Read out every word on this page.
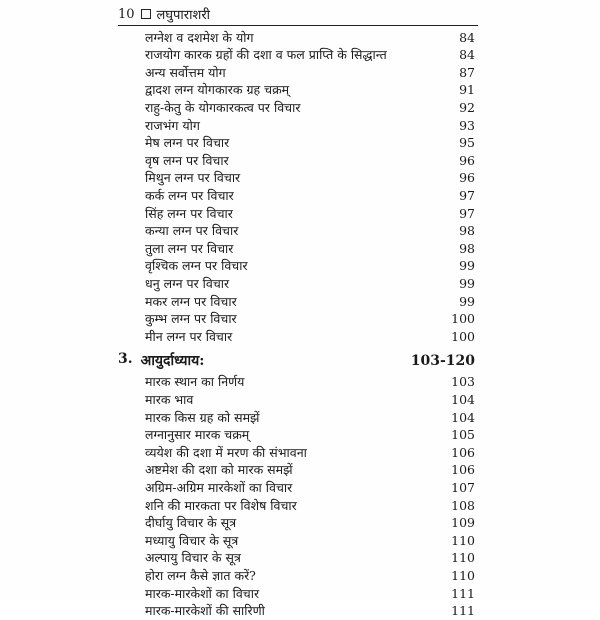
10 लघुपाराशरी
लग्नेश व दशमेश के योग	84
राजयोग कारक ग्रहों की दशा व फल प्राप्ति के सिद्धान्त	84
अन्य सर्वोत्तम योग	87
द्वादश लग्न योगकारक ग्रह चक्रम्	91
राहु-केतु के योगकारकत्व पर विचार	92
राजभंग योग	93
मेष लग्न पर विचार	95
वृष लग्न पर विचार	96
मिथुन लग्न पर विचार	96
कर्क लग्न पर विचार	97
सिंह लग्न पर विचार	97
कन्या लग्न पर विचार	98
तुला लग्न पर विचार	98
वृश्चिक लग्न पर विचार	99
धनु लग्न पर विचार	99
मकर लग्न पर विचार	99
कुम्भ लग्न पर विचार	100
मीन लग्न पर विचार	100
3. आयुर्दाध्याय:	103-120
मारक स्थान का निर्णय	103
मारक भाव	104
मारक किस ग्रह को समझें	104
लग्नानुसार मारक चक्रम्	105
व्ययेश की दशा में मरण की संभावना	106
अष्टमेश की दशा को मारक समझें	106
अग्रिम-अग्रिम मारकेशों का विचार	107
शनि की मारकता पर विशेष विचार	108
दीर्घायु विचार के सूत्र	109
मध्यायु विचार के सूत्र	110
अल्पायु विचार के सूत्र	110
होरा लग्न कैसे ज्ञात करें?	110
मारक-मारकेशों का विचार	111
मारक-मारकेशों की सारिणी	111
